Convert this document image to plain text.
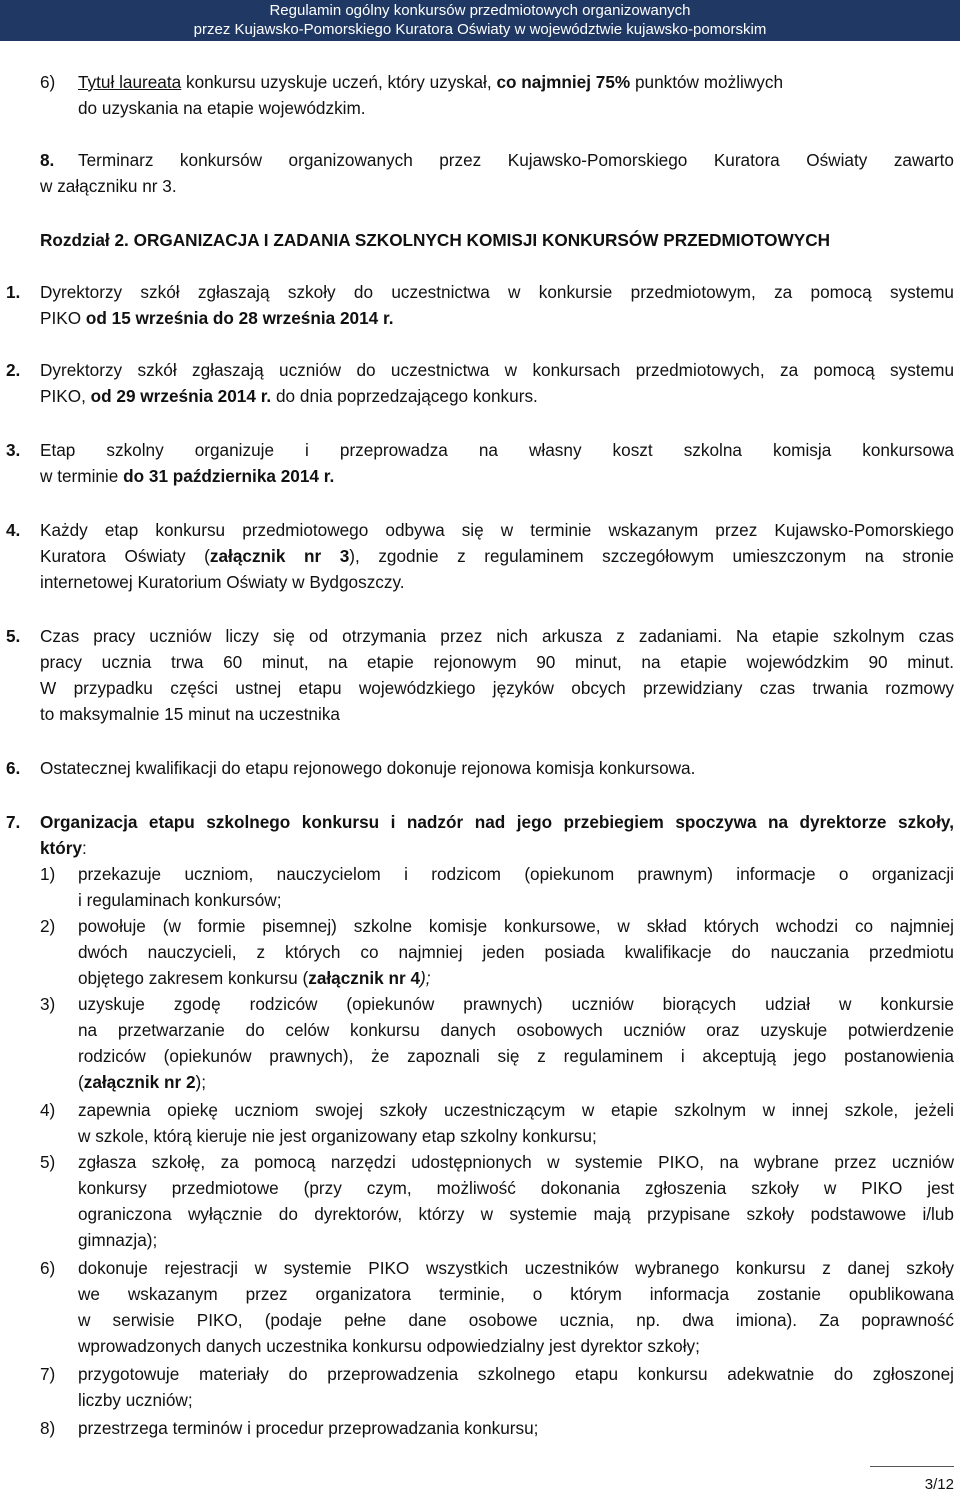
Regulamin ogólny konkursów przedmiotowych organizowanych
przez Kujawsko-Pomorskiego Kuratora Oświaty w województwie kujawsko-pomorskim
6) Tytuł laureata konkursu uzyskuje uczeń, który uzyskał, co najmniej 75% punktów możliwych
do uzyskania na etapie wojewódzkim.
8. Terminarz konkursów organizowanych przez Kujawsko-Pomorskiego Kuratora Oświaty zawarto
w załączniku nr 3.
Rozdział 2. ORGANIZACJA I ZADANIA SZKOLNYCH KOMISJI KONKURSÓW PRZEDMIOTOWYCH
1. Dyrektorzy szkół zgłaszają szkoły do uczestnictwa w konkursie przedmiotowym, za pomocą systemu
PIKO od 15 września do 28 września 2014 r.
2. Dyrektorzy szkół zgłaszają uczniów do uczestnictwa w konkursach przedmiotowych, za pomocą systemu
PIKO, od 29 września 2014 r. do dnia poprzedzającego konkurs.
3. Etap szkolny organizuje i przeprowadza na własny koszt szkolna komisja konkursowa
w terminie do 31 października 2014 r.
4. Każdy etap konkursu przedmiotowego odbywa się w terminie wskazanym przez Kujawsko-Pomorskiego
Kuratora Oświaty (załącznik nr 3), zgodnie z regulaminem szczegółowym umieszczonym na stronie
internetowej Kuratorium Oświaty w Bydgoszczy.
5. Czas pracy uczniów liczy się od otrzymania przez nich arkusza z zadaniami. Na etapie szkolnym czas
pracy ucznia trwa 60 minut, na etapie rejonowym 90 minut, na etapie wojewódzkim 90 minut.
W przypadku części ustnej etapu wojewódzkiego języków obcych przewidziany czas trwania rozmowy
to maksymalnie 15 minut na uczestnika
6. Ostatecznej kwalifikacji do etapu rejonowego dokonuje rejonowa komisja konkursowa.
7. Organizacja etapu szkolnego konkursu i nadzór nad jego przebiegiem spoczywa na dyrektorze szkoły,
który:
1) przekazuje uczniom, nauczycielom i rodzicom (opiekunom prawnym) informacje o organizacji
i regulaminach konkursów;
2) powołuje (w formie pisemnej) szkolne komisje konkursowe, w skład których wchodzi co najmniej
dwóch nauczycieli, z których co najmniej jeden posiada kwalifikacje do nauczania przedmiotu
objętego zakresem konkursu (załącznik nr 4);
3) uzyskuje zgodę rodziców (opiekunów prawnych) uczniów biorących udział w konkursie
na przetwarzanie do celów konkursu danych osobowych uczniów oraz uzyskuje potwierdzenie
rodziców (opiekunów prawnych), że zapoznali się z regulaminem i akceptują jego postanowienia
(załącznik nr 2);
4) zapewnia opiekę uczniom swojej szkoły uczestniczącym w etapie szkolnym w innej szkole, jeżeli
w szkole, którą kieruje nie jest organizowany etap szkolny konkursu;
5) zgłasza szkołę, za pomocą narzędzi udostępnionych w systemie PIKO, na wybrane przez uczniów
konkursy przedmiotowe (przy czym, możliwość dokonania zgłoszenia szkoły w PIKO jest
ograniczona wyłącznie do dyrektorów, którzy w systemie mają przypisane szkoły podstawowe i/lub
gimnazja);
6) dokonuje rejestracji w systemie PIKO wszystkich uczestników wybranego konkursu z danej szkoły
we wskazanym przez organizatora terminie, o którym informacja zostanie opublikowana
w serwisie PIKO, (podaje pełne dane osobowe ucznia, np. dwa imiona). Za poprawność
wprowadzonych danych uczestnika konkursu odpowiedzialny jest dyrektor szkoły;
7) przygotowuje materiały do przeprowadzenia szkolnego etapu konkursu adekwatnie do zgłoszonej
liczby uczniów;
8) przestrzega terminów i procedur przeprowadzania konkursu;
3/12
